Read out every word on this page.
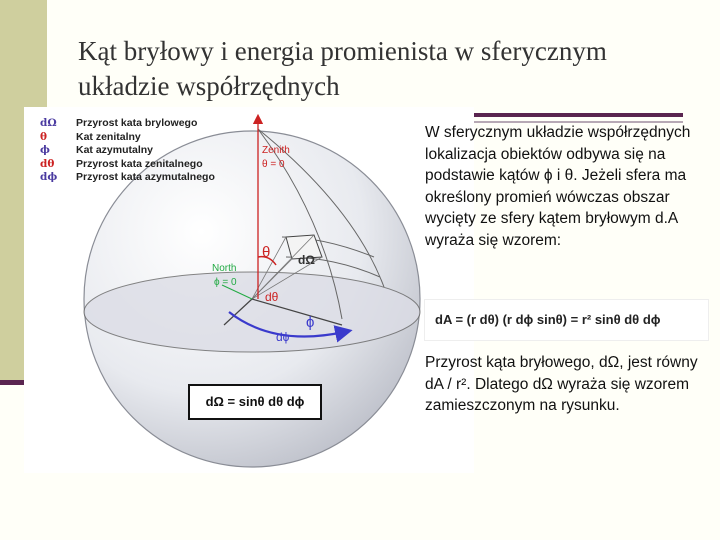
Kąt bryłowy i energia promienista w sferycznym układzie współrzędnych
Zenith
θ = 0
North
ϕ = 0
θ
dθ
dΩ
ϕ
dϕ
dΩ	Przyrost kata brylowego
θ	Kat zenitalny
ϕ	Kat azymutalny
dθ	Przyrost kata zenitalnego
dϕ	Przyrost kata azymutalnego
dΩ = sinθ dθ dϕ
W sferycznym układzie współrzędnych lokalizacja obiektów odbywa się na podstawie kątów ϕ i θ. Jeżeli sfera ma określony promień wówczas obszar wycięty ze sfery kątem bryłowym d.A wyraża się wzorem:
dA = (r dθ) (r dϕ sinθ) = r² sinθ dθ dϕ
Przyrost kąta bryłowego, dΩ, jest równy dA / r². Dlatego dΩ wyraża się wzorem zamieszczonym na rysunku.
